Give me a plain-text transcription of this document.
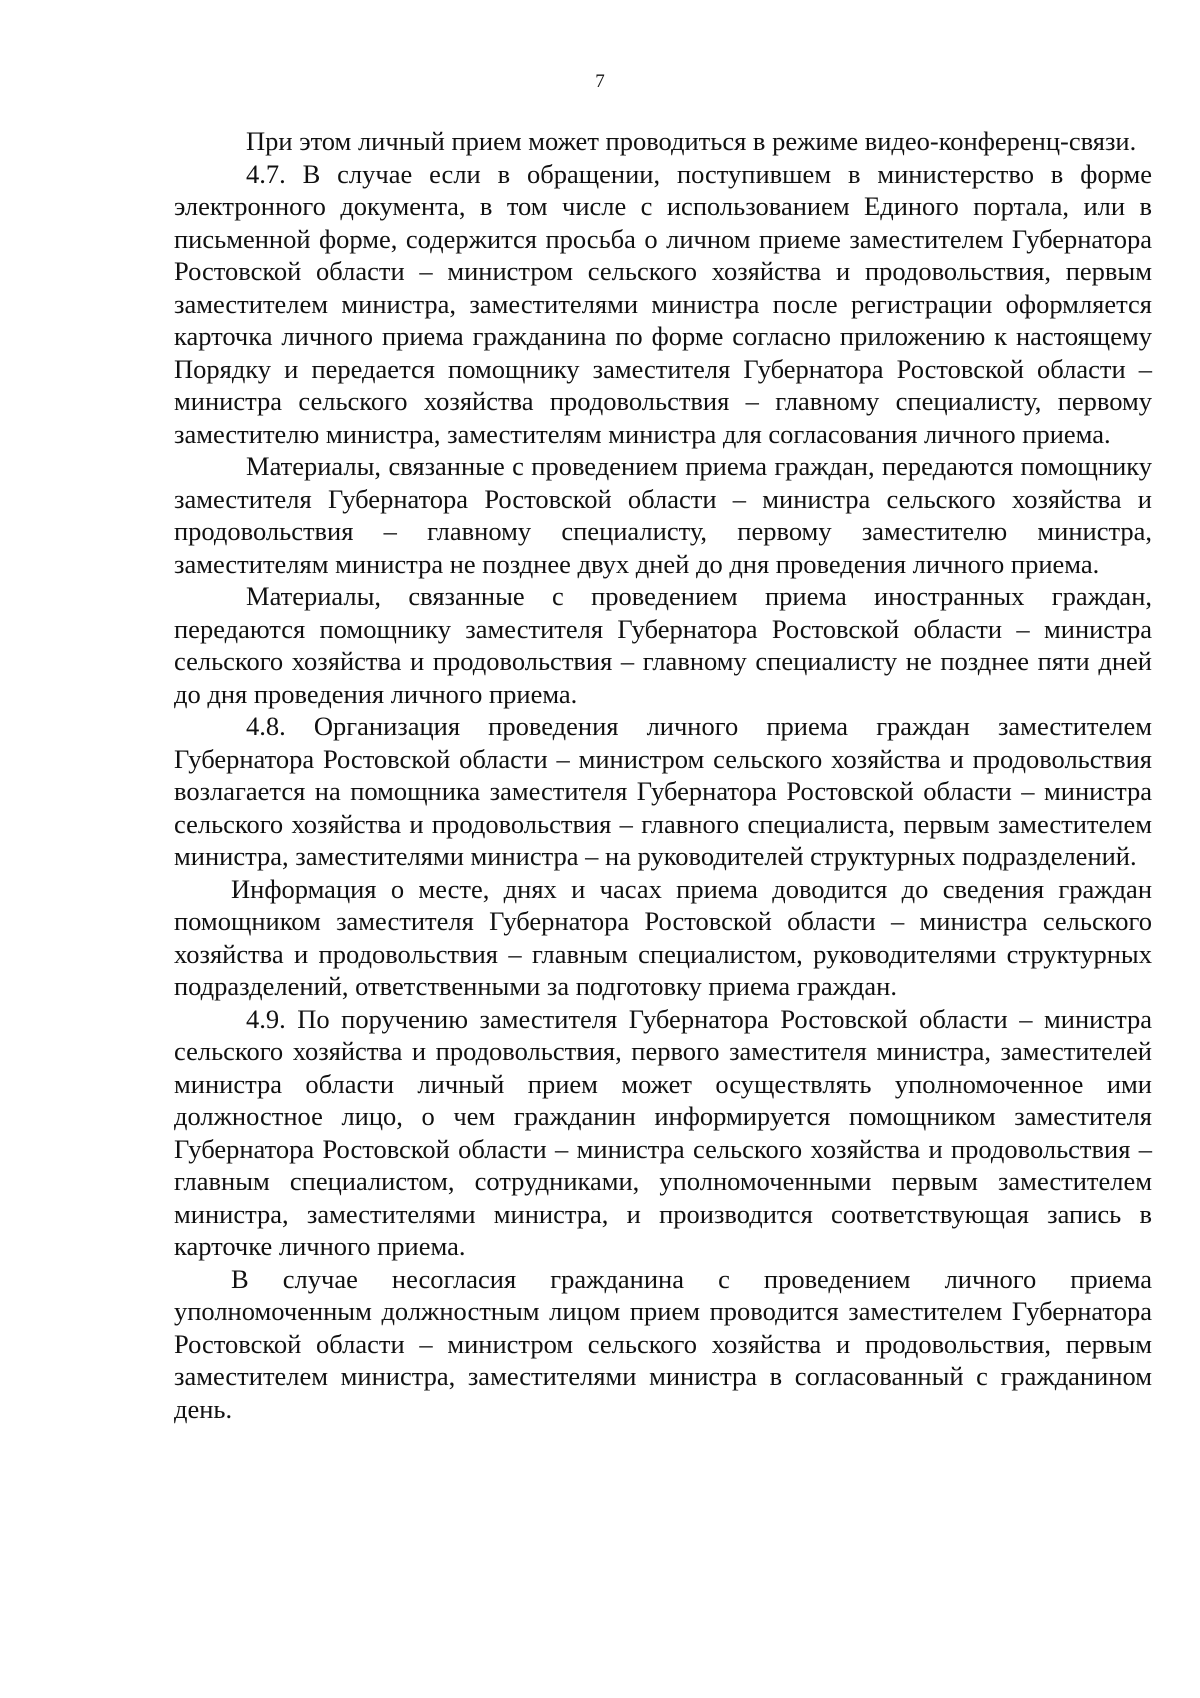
7

При этом личный прием может проводиться в режиме видео-конференц-связи.

4.7. В случае если в обращении, поступившем в министерство в форме электронного документа, в том числе с использованием Единого портала, или в письменной форме, содержится просьба о личном приеме заместителем Губернатора Ростовской области – министром сельского хозяйства и продовольствия, первым заместителем министра, заместителями министра после регистрации оформляется карточка личного приема гражданина по форме согласно приложению к настоящему Порядку и передается помощнику заместителя Губернатора Ростовской области – министра сельского хозяйства продовольствия – главному специалисту, первому заместителю министра, заместителям министра для согласования личного приема.

Материалы, связанные с проведением приема граждан, передаются помощнику заместителя Губернатора Ростовской области – министра сельского хозяйства и продовольствия – главному специалисту, первому заместителю министра, заместителям министра не позднее двух дней до дня проведения личного приема.

Материалы, связанные с проведением приема иностранных граждан, передаются помощнику заместителя Губернатора Ростовской области – министра сельского хозяйства и продовольствия – главному специалисту не позднее пяти дней до дня проведения личного приема.

4.8. Организация проведения личного приема граждан заместителем Губернатора Ростовской области – министром сельского хозяйства и продовольствия возлагается на помощника заместителя Губернатора Ростовской области – министра сельского хозяйства и продовольствия – главного специалиста, первым заместителем министра, заместителями министра – на руководителей структурных подразделений.

Информация о месте, днях и часах приема доводится до сведения граждан помощником заместителя Губернатора Ростовской области – министра сельского хозяйства и продовольствия – главным специалистом, руководителями структурных подразделений, ответственными за подготовку приема граждан.

4.9. По поручению заместителя Губернатора Ростовской области – министра сельского хозяйства и продовольствия, первого заместителя министра, заместителей министра области личный прием может осуществлять уполномоченное ими должностное лицо, о чем гражданин информируется помощником заместителя Губернатора Ростовской области – министра сельского хозяйства и продовольствия – главным специалистом, сотрудниками, уполномоченными первым заместителем министра, заместителями министра, и производится соответствующая запись в карточке личного приема.

В случае несогласия гражданина с проведением личного приема уполномоченным должностным лицом прием проводится заместителем Губернатора Ростовской области – министром сельского хозяйства и продовольствия, первым заместителем министра, заместителями министра в согласованный с гражданином день.
